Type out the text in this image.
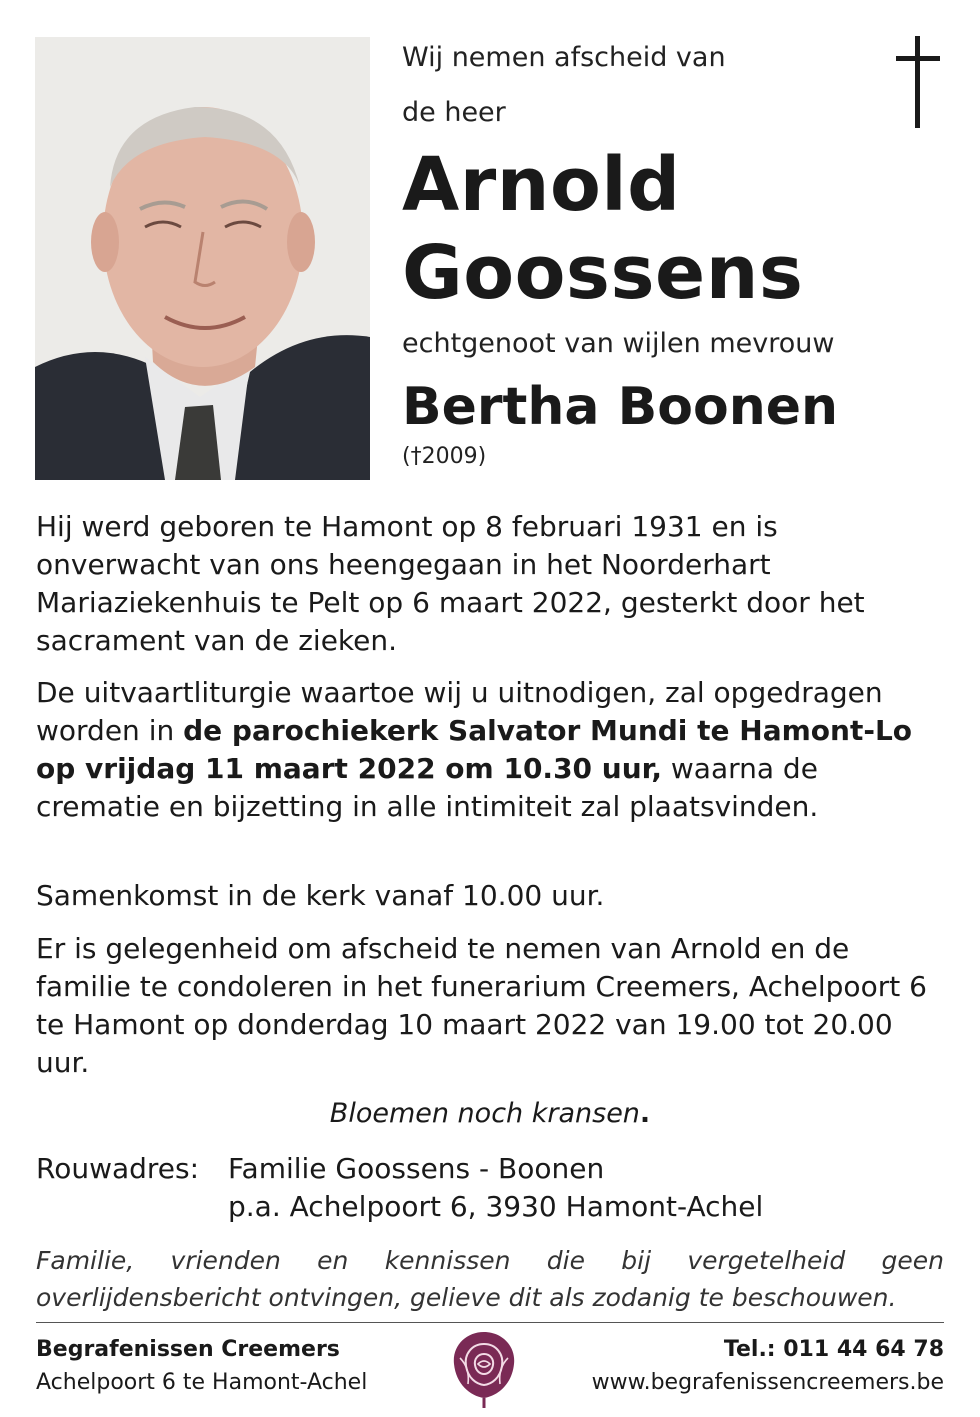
Wij nemen afscheid van
de heer
Arnold
Goossens
echtgenoot van wijlen mevrouw
Bertha Boonen
(†2009)

Hij werd geboren te Hamont op 8 februari 1931 en is onverwacht van ons heengegaan in het Noorderhart Mariaziekenhuis te Pelt op 6 maart 2022, gesterkt door het sacrament van de zieken.

De uitvaartliturgie waartoe wij u uitnodigen, zal opgedragen worden in de parochiekerk Salvator Mundi te Hamont-Lo op vrijdag 11 maart 2022 om 10.30 uur, waarna de crematie en bijzetting in alle intimiteit zal plaatsvinden.

Samenkomst in de kerk vanaf 10.00 uur.

Er is gelegenheid om afscheid te nemen van Arnold en de familie te condoleren in het funerarium Creemers, Achelpoort 6 te Hamont op donderdag 10 maart 2022 van 19.00 tot 20.00 uur.

Bloemen noch kransen.
Rouwadres: Familie Goossens - Boonen
p.a. Achelpoort 6, 3930 Hamont-Achel
Familie, vrienden en kennissen die bij vergetelheid geen overlijdensbericht ontvingen, gelieve dit als zodanig te beschouwen.
Begrafenissen Creemers
Achelpoort 6 te Hamont-Achel
Tel.: 011 44 64 78
www.begrafenissencreemers.be
